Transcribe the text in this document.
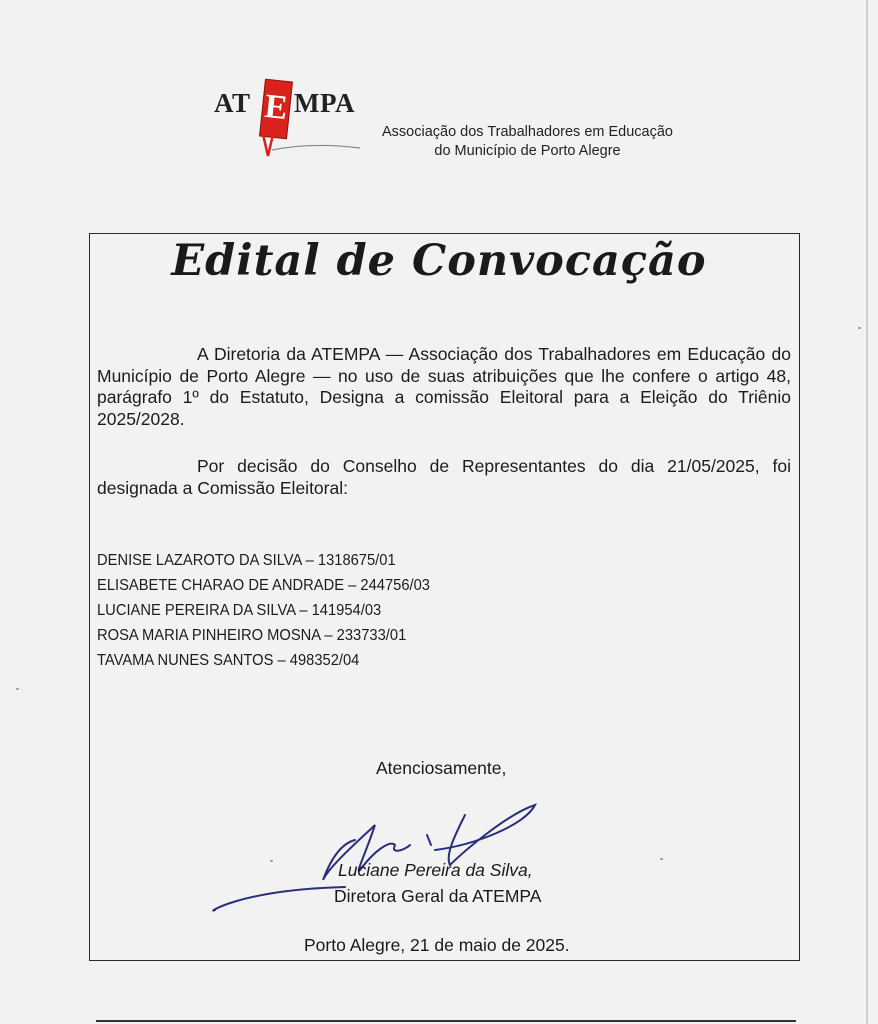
AT E MPA
Associação dos Trabalhadores em Educação
do Município de Porto Alegre
Edital de Convocação

A Diretoria da ATEMPA — Associação dos Trabalhadores em Educação do Município de Porto Alegre — no uso de suas atribuições que lhe confere o artigo 48, parágrafo 1º do Estatuto, Designa a comissão Eleitoral para a Eleição do Triênio 2025/2028.

Por decisão do Conselho de Representantes do dia 21/05/2025, foi designada a Comissão Eleitoral:

DENISE LAZAROTO DA SILVA – 1318675/01
ELISABETE CHARAO DE ANDRADE – 244756/03
LUCIANE PEREIRA DA SILVA – 141954/03
ROSA MARIA PINHEIRO MOSNA – 233733/01
TAVAMA NUNES SANTOS – 498352/04
Atenciosamente,
Luciane Pereira da Silva,
Diretora Geral da ATEMPA
Porto Alegre, 21 de maio de 2025.
